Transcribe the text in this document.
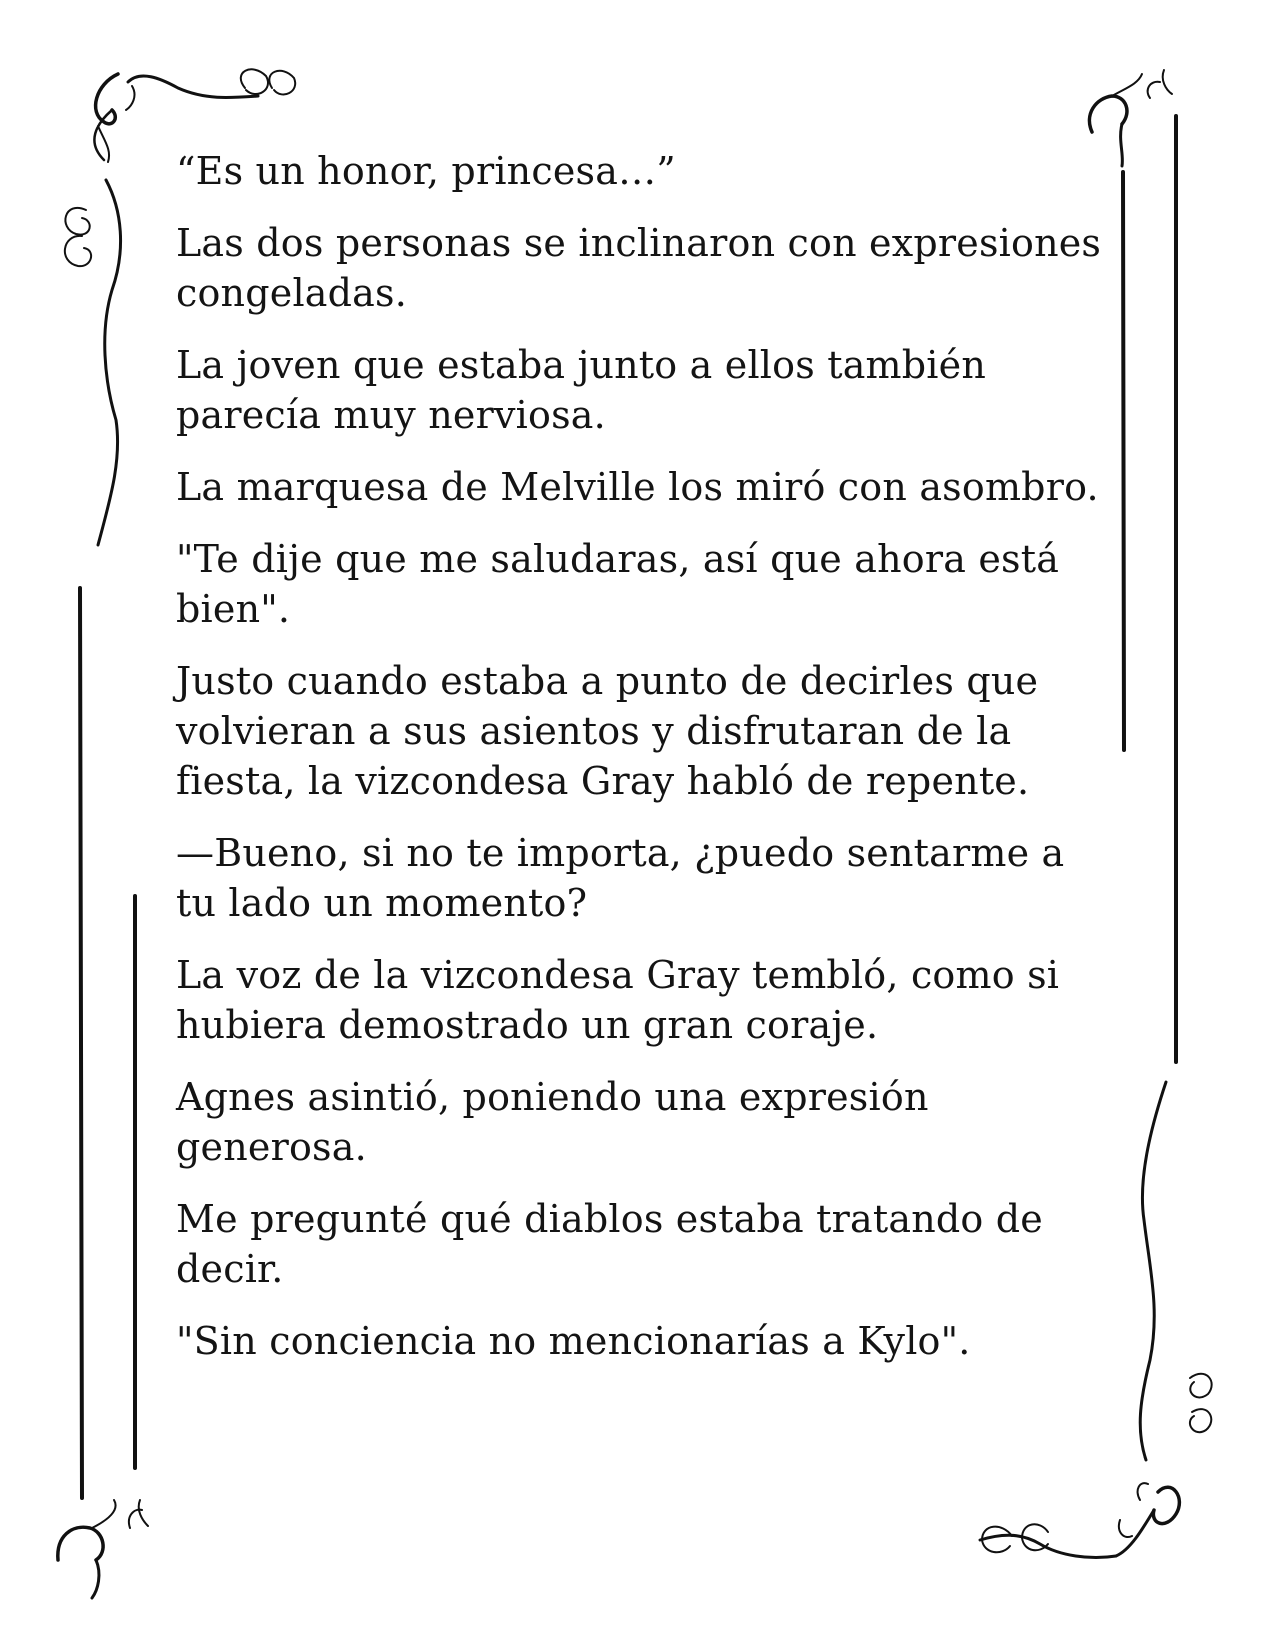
“Es un honor, princesa…”

Las dos personas se inclinaron con expresiones congeladas.

La joven que estaba junto a ellos también parecía muy nerviosa.

La marquesa de Melville los miró con asombro.

"Te dije que me saludaras, así que ahora está bien".

Justo cuando estaba a punto de decirles que volvieran a sus asientos y disfrutaran de la fiesta, la vizcondesa Gray habló de repente.

—Bueno, si no te importa, ¿puedo sentarme a tu lado un momento?

La voz de la vizcondesa Gray tembló, como si hubiera demostrado un gran coraje.

Agnes asintió, poniendo una expresión generosa.

Me pregunté qué diablos estaba tratando de decir.

"Sin conciencia no mencionarías a Kylo".
